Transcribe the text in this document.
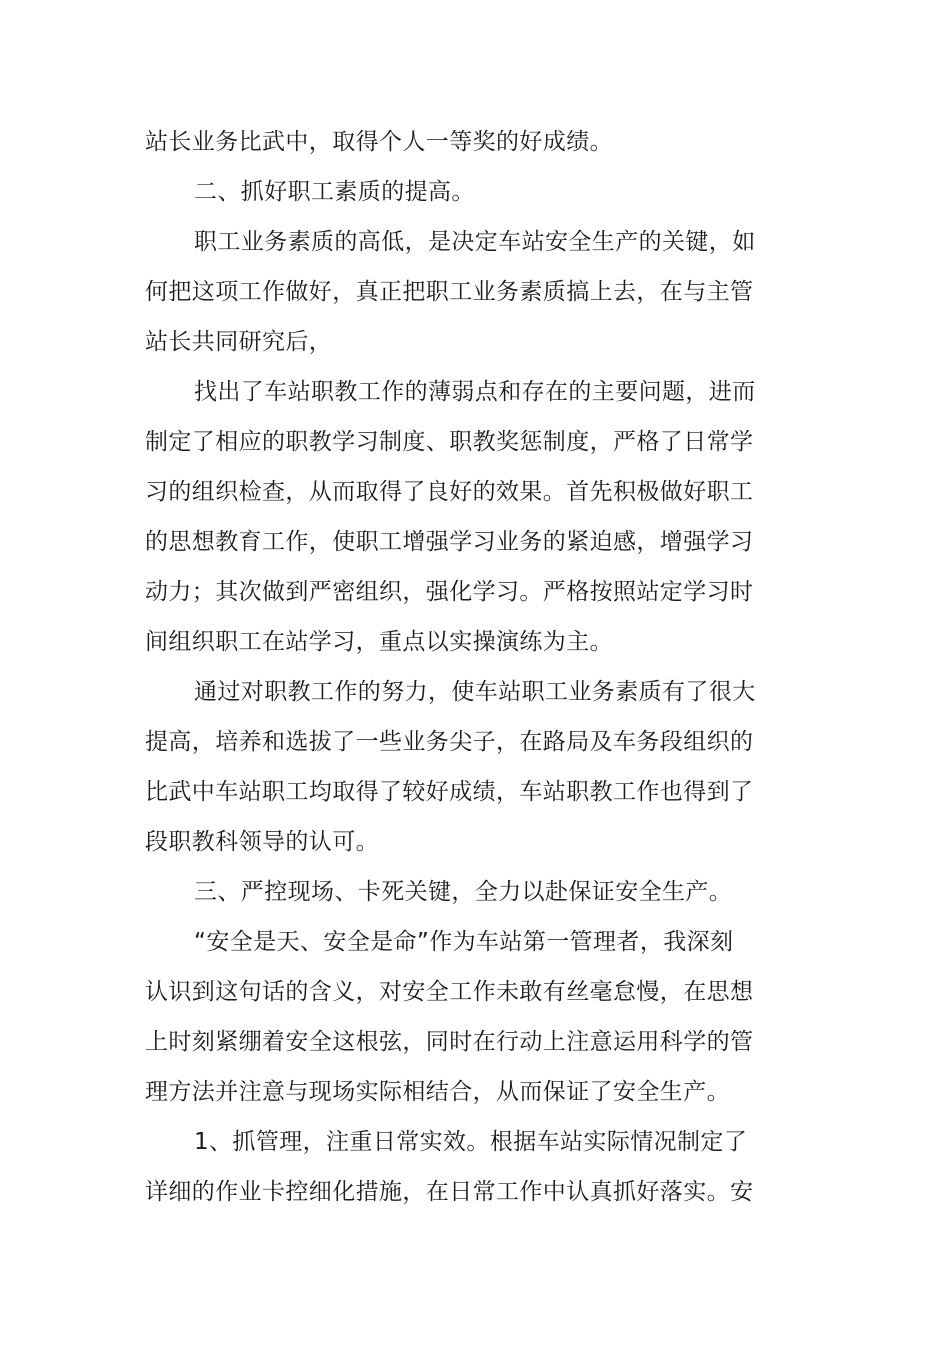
站长业务比武中，取得个人一等奖的好成绩。
二、抓好职工素质的提高。
职工业务素质的高低，是决定车站安全生产的关键，如
何把这项工作做好，真正把职工业务素质搞上去，在与主管
站长共同研究后，
找出了车站职教工作的薄弱点和存在的主要问题，进而
制定了相应的职教学习制度、职教奖惩制度，严格了日常学
习的组织检查，从而取得了良好的效果。首先积极做好职工
的思想教育工作，使职工增强学习业务的紧迫感，增强学习
动力；其次做到严密组织，强化学习。严格按照站定学习时
间组织职工在站学习，重点以实操演练为主。
通过对职教工作的努力，使车站职工业务素质有了很大
提高，培养和选拔了一些业务尖子，在路局及车务段组织的
比武中车站职工均取得了较好成绩，车站职教工作也得到了
段职教科领导的认可。
三、严控现场、卡死关键，全力以赴保证安全生产。
“安全是天、安全是命”作为车站第一管理者，我深刻
认识到这句话的含义，对安全工作未敢有丝毫怠慢，在思想
上时刻紧绷着安全这根弦，同时在行动上注意运用科学的管
理方法并注意与现场实际相结合，从而保证了安全生产。
1、抓管理，注重日常实效。根据车站实际情况制定了
详细的作业卡控细化措施，在日常工作中认真抓好落实。安
